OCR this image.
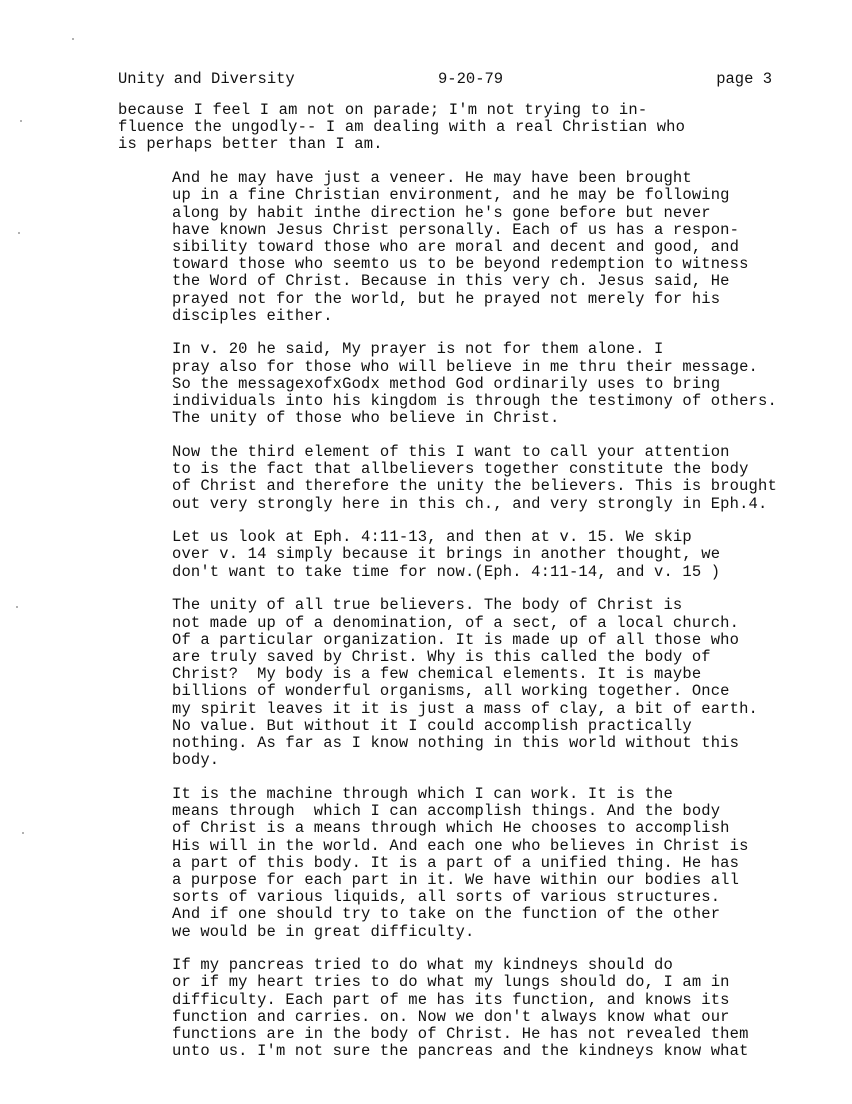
Unity and Diversity	9-20-79	page 3
because I feel I am not on parade; I'm not trying to in-
fluence the ungodly-- I am dealing with a real Christian who
is perhaps better than I am.
And he may have just a veneer. He may have been brought
up in a fine Christian environment, and he may be following
along by habit inthe direction he's gone before but never
have known Jesus Christ personally. Each of us has a respon-
sibility toward those who are moral and decent and good, and
toward those who seemto us to be beyond redemption to witness
the Word of Christ. Because in this very ch. Jesus said, He
prayed not for the world, but he prayed not merely for his
disciples either.
In v. 20 he said, My prayer is not for them alone. I
pray also for those who will believe in me thru their message.
So the messagexofxGodx method God ordinarily uses to bring
individuals into his kingdom is through the testimony of others.
The unity of those who believe in Christ.
Now the third element of this I want to call your attention
to is the fact that allbelievers together constitute the body
of Christ and therefore the unity the believers. This is brought
out very strongly here in this ch., and very strongly in Eph.4.
Let us look at Eph. 4:11-13, and then at v. 15. We skip
over v. 14 simply because it brings in another thought, we
don't want to take time for now.(Eph. 4:11-14, and v. 15 )
The unity of all true believers. The body of Christ is
not made up of a denomination, of a sect, of a local church.
Of a particular organization. It is made up of all those who
are truly saved by Christ. Why is this called the body of
Christ?  My body is a few chemical elements. It is maybe
billions of wonderful organisms, all working together. Once
my spirit leaves it it is just a mass of clay, a bit of earth.
No value. But without it I could accomplish practically
nothing. As far as I know nothing in this world without this
body.
It is the machine through which I can work. It is the
means through  which I can accomplish things. And the body
of Christ is a means through which He chooses to accomplish
His will in the world. And each one who believes in Christ is
a part of this body. It is a part of a unified thing. He has
a purpose for each part in it. We have within our bodies all
sorts of various liquids, all sorts of various structures.
And if one should try to take on the function of the other
we would be in great difficulty.
If my pancreas tried to do what my kindneys should do
or if my heart tries to do what my lungs should do, I am in
difficulty. Each part of me has its function, and knows its
function and carries. on. Now we don't always know what our
functions are in the body of Christ. He has not revealed them
unto us. I'm not sure the pancreas and the kindneys know what
